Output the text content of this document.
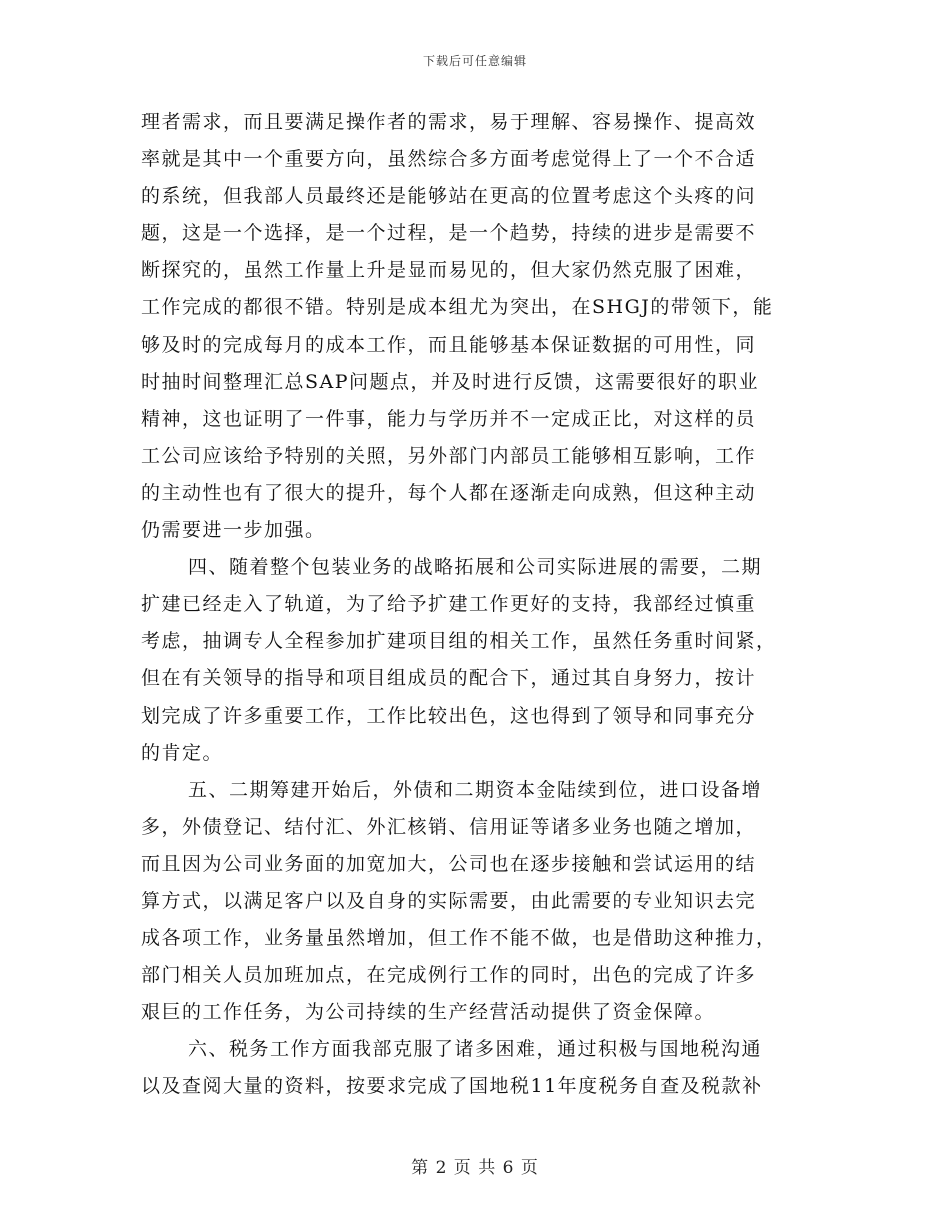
下载后可任意编辑
理者需求，而且要满足操作者的需求，易于理解、容易操作、提高效
率就是其中一个重要方向，虽然综合多方面考虑觉得上了一个不合适
的系统，但我部人员最终还是能够站在更高的位置考虑这个头疼的问
题，这是一个选择，是一个过程，是一个趋势，持续的进步是需要不
断探究的，虽然工作量上升是显而易见的，但大家仍然克服了困难，
工作完成的都很不错。特别是成本组尤为突出，在SHGJ的带领下，能
够及时的完成每月的成本工作，而且能够基本保证数据的可用性，同
时抽时间整理汇总SAP问题点，并及时进行反馈，这需要很好的职业
精神，这也证明了一件事，能力与学历并不一定成正比，对这样的员
工公司应该给予特别的关照，另外部门内部员工能够相互影响，工作
的主动性也有了很大的提升，每个人都在逐渐走向成熟，但这种主动
仍需要进一步加强。
四、随着整个包装业务的战略拓展和公司实际进展的需要，二期
扩建已经走入了轨道，为了给予扩建工作更好的支持，我部经过慎重
考虑，抽调专人全程参加扩建项目组的相关工作，虽然任务重时间紧，
但在有关领导的指导和项目组成员的配合下，通过其自身努力，按计
划完成了许多重要工作，工作比较出色，这也得到了领导和同事充分
的肯定。
五、二期筹建开始后，外债和二期资本金陆续到位，进口设备增
多，外债登记、结付汇、外汇核销、信用证等诸多业务也随之增加，
而且因为公司业务面的加宽加大，公司也在逐步接触和尝试运用的结
算方式，以满足客户以及自身的实际需要，由此需要的专业知识去完
成各项工作，业务量虽然增加，但工作不能不做，也是借助这种推力，
部门相关人员加班加点，在完成例行工作的同时，出色的完成了许多
艰巨的工作任务，为公司持续的生产经营活动提供了资金保障。
六、税务工作方面我部克服了诸多困难，通过积极与国地税沟通
以及查阅大量的资料，按要求完成了国地税11年度税务自查及税款补
第 2 页 共 6 页
